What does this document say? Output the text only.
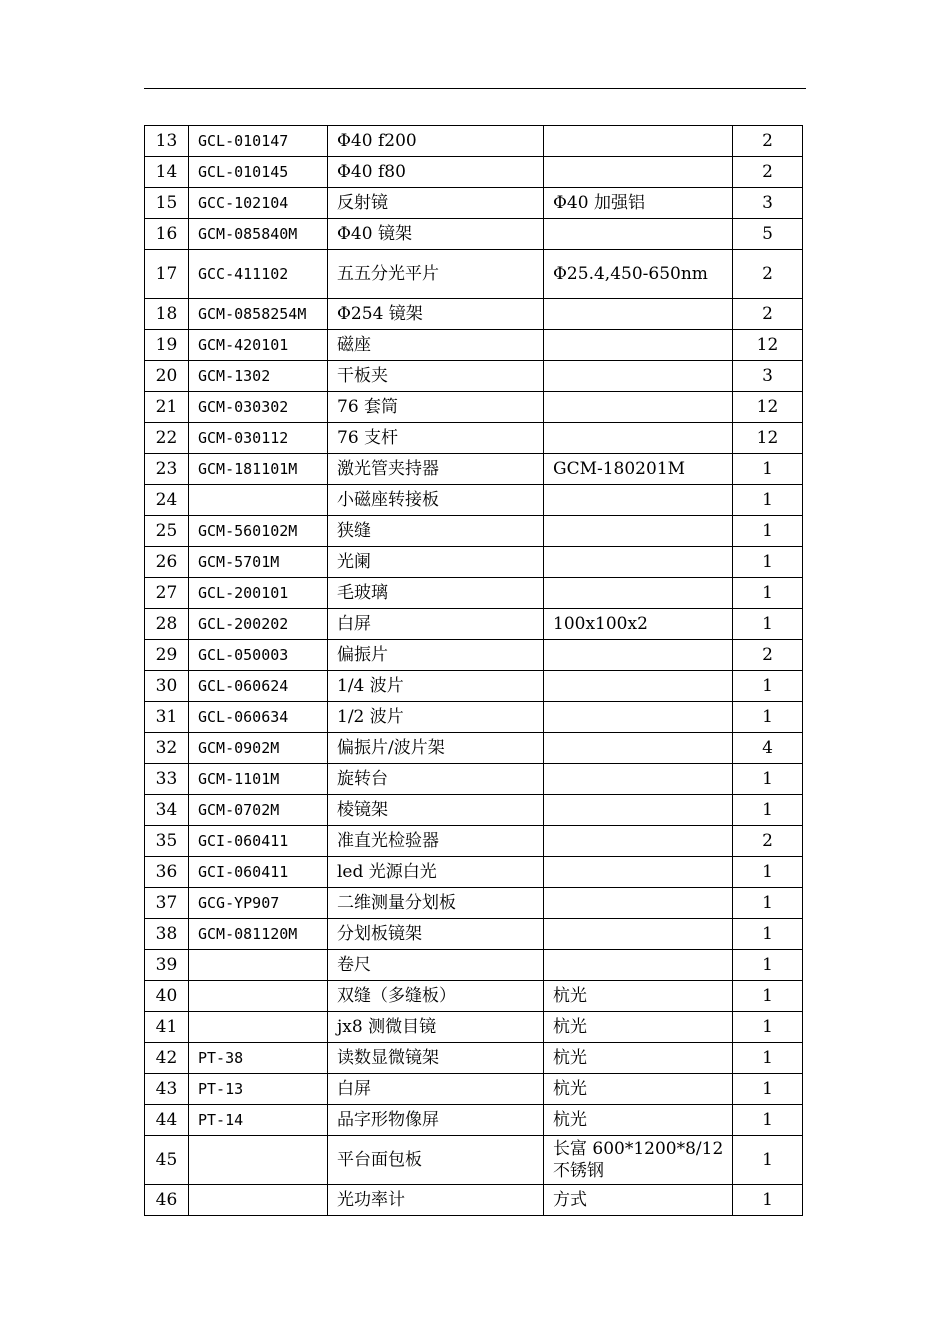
13	GCL-010147	Φ40 f200		2
14	GCL-010145	Φ40 f80		2
15	GCC-102104	反射镜	Φ40 加强铝	3
16	GCM-085840M	Φ40 镜架		5
17	GCC-411102	五五分光平片	Φ25.4,450-650nm	2
18	GCM-0858254M	Φ254 镜架		2
19	GCM-420101	磁座		12
20	GCM-1302	干板夹		3
21	GCM-030302	76 套筒		12
22	GCM-030112	76 支杆		12
23	GCM-181101M	激光管夹持器	GCM-180201M	1
24		小磁座转接板		1
25	GCM-560102M	狭缝		1
26	GCM-5701M	光阑		1
27	GCL-200101	毛玻璃		1
28	GCL-200202	白屏	100x100x2	1
29	GCL-050003	偏振片		2
30	GCL-060624	1/4 波片		1
31	GCL-060634	1/2 波片		1
32	GCM-0902M	偏振片/波片架		4
33	GCM-1101M	旋转台		1
34	GCM-0702M	棱镜架		1
35	GCI-060411	准直光检验器		2
36	GCI-060411	led 光源白光		1
37	GCG-YP907	二维测量分划板		1
38	GCM-081120M	分划板镜架		1
39		卷尺		1
40		双缝（多缝板）	杭光	1
41		jx8 测微目镜	杭光	1
42	PT-38	读数显微镜架	杭光	1
43	PT-13	白屏	杭光	1
44	PT-14	品字形物像屏	杭光	1
45		平台面包板	长富 600*1200*8/12 不锈钢	1
46		光功率计	方式	1
